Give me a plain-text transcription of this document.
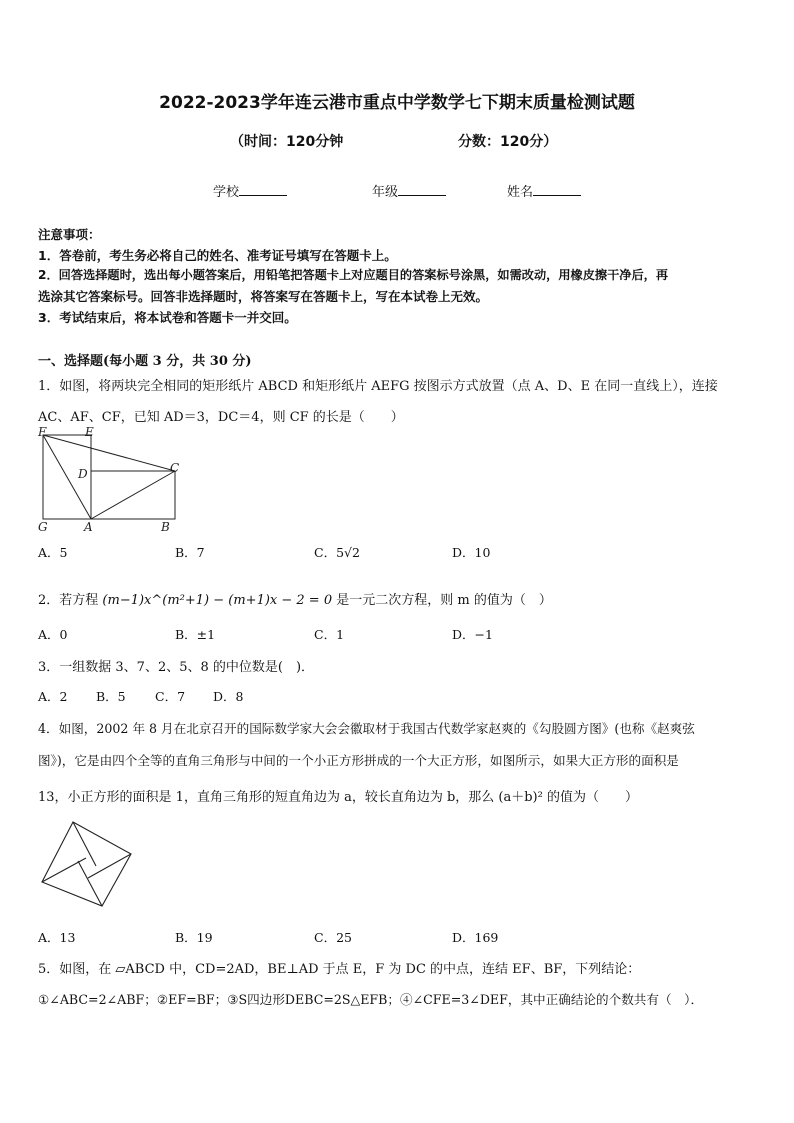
2022-2023学年连云港市重点中学数学七下期末质量检测试题
（时间：120分钟	分数：120分）
学校	年级	姓名
注意事项：
1．答卷前，考生务必将自己的姓名、准考证号填写在答题卡上。
2．回答选择题时，选出每小题答案后，用铅笔把答题卡上对应题目的答案标号涂黑，如需改动，用橡皮擦干净后，再
选涂其它答案标号。回答非选择题时，将答案写在答题卡上，写在本试卷上无效。
3．考试结束后，将本试卷和答题卡一并交回。
一、选择题(每小题 3 分，共 30 分)
1．如图，将两块完全相同的矩形纸片 ABCD 和矩形纸片 AEFG 按图示方式放置（点 A、D、E 在同一直线上），连接
AC、AF、CF，已知 AD＝3，DC＝4，则 CF 的长是（　　）
F	E
D	C
G	A	B
A．5	B．7	C．5√2	D．10
2．若方程 (m−1)x^(m²+1) − (m+1)x − 2 = 0 是一元二次方程，则 m 的值为（　）
A．0	B．±1	C．1	D．−1
3．一组数据 3、7、2、5、8 的中位数是(　)．
A．2 B．5 C．7 D．8
4．如图，2002 年 8 月在北京召开的国际数学家大会会徽取材于我国古代数学家赵爽的《勾股圆方图》(也称《赵爽弦
图》)，它是由四个全等的直角三角形与中间的一个小正方形拼成的一个大正方形，如图所示，如果大正方形的面积是
13，小正方形的面积是 1，直角三角形的短直角边为 a，较长直角边为 b，那么 (a＋b)² 的值为（　　）
A．13	B．19	C．25	D．169
5．如图，在 ▱ABCD 中，CD=2AD，BE⊥AD 于点 E，F 为 DC 的中点，连结 EF、BF，下列结论：
①∠ABC=2∠ABF；②EF=BF；③S四边形DEBC=2S△EFB；④∠CFE=3∠DEF，其中正确结论的个数共有（　）．
